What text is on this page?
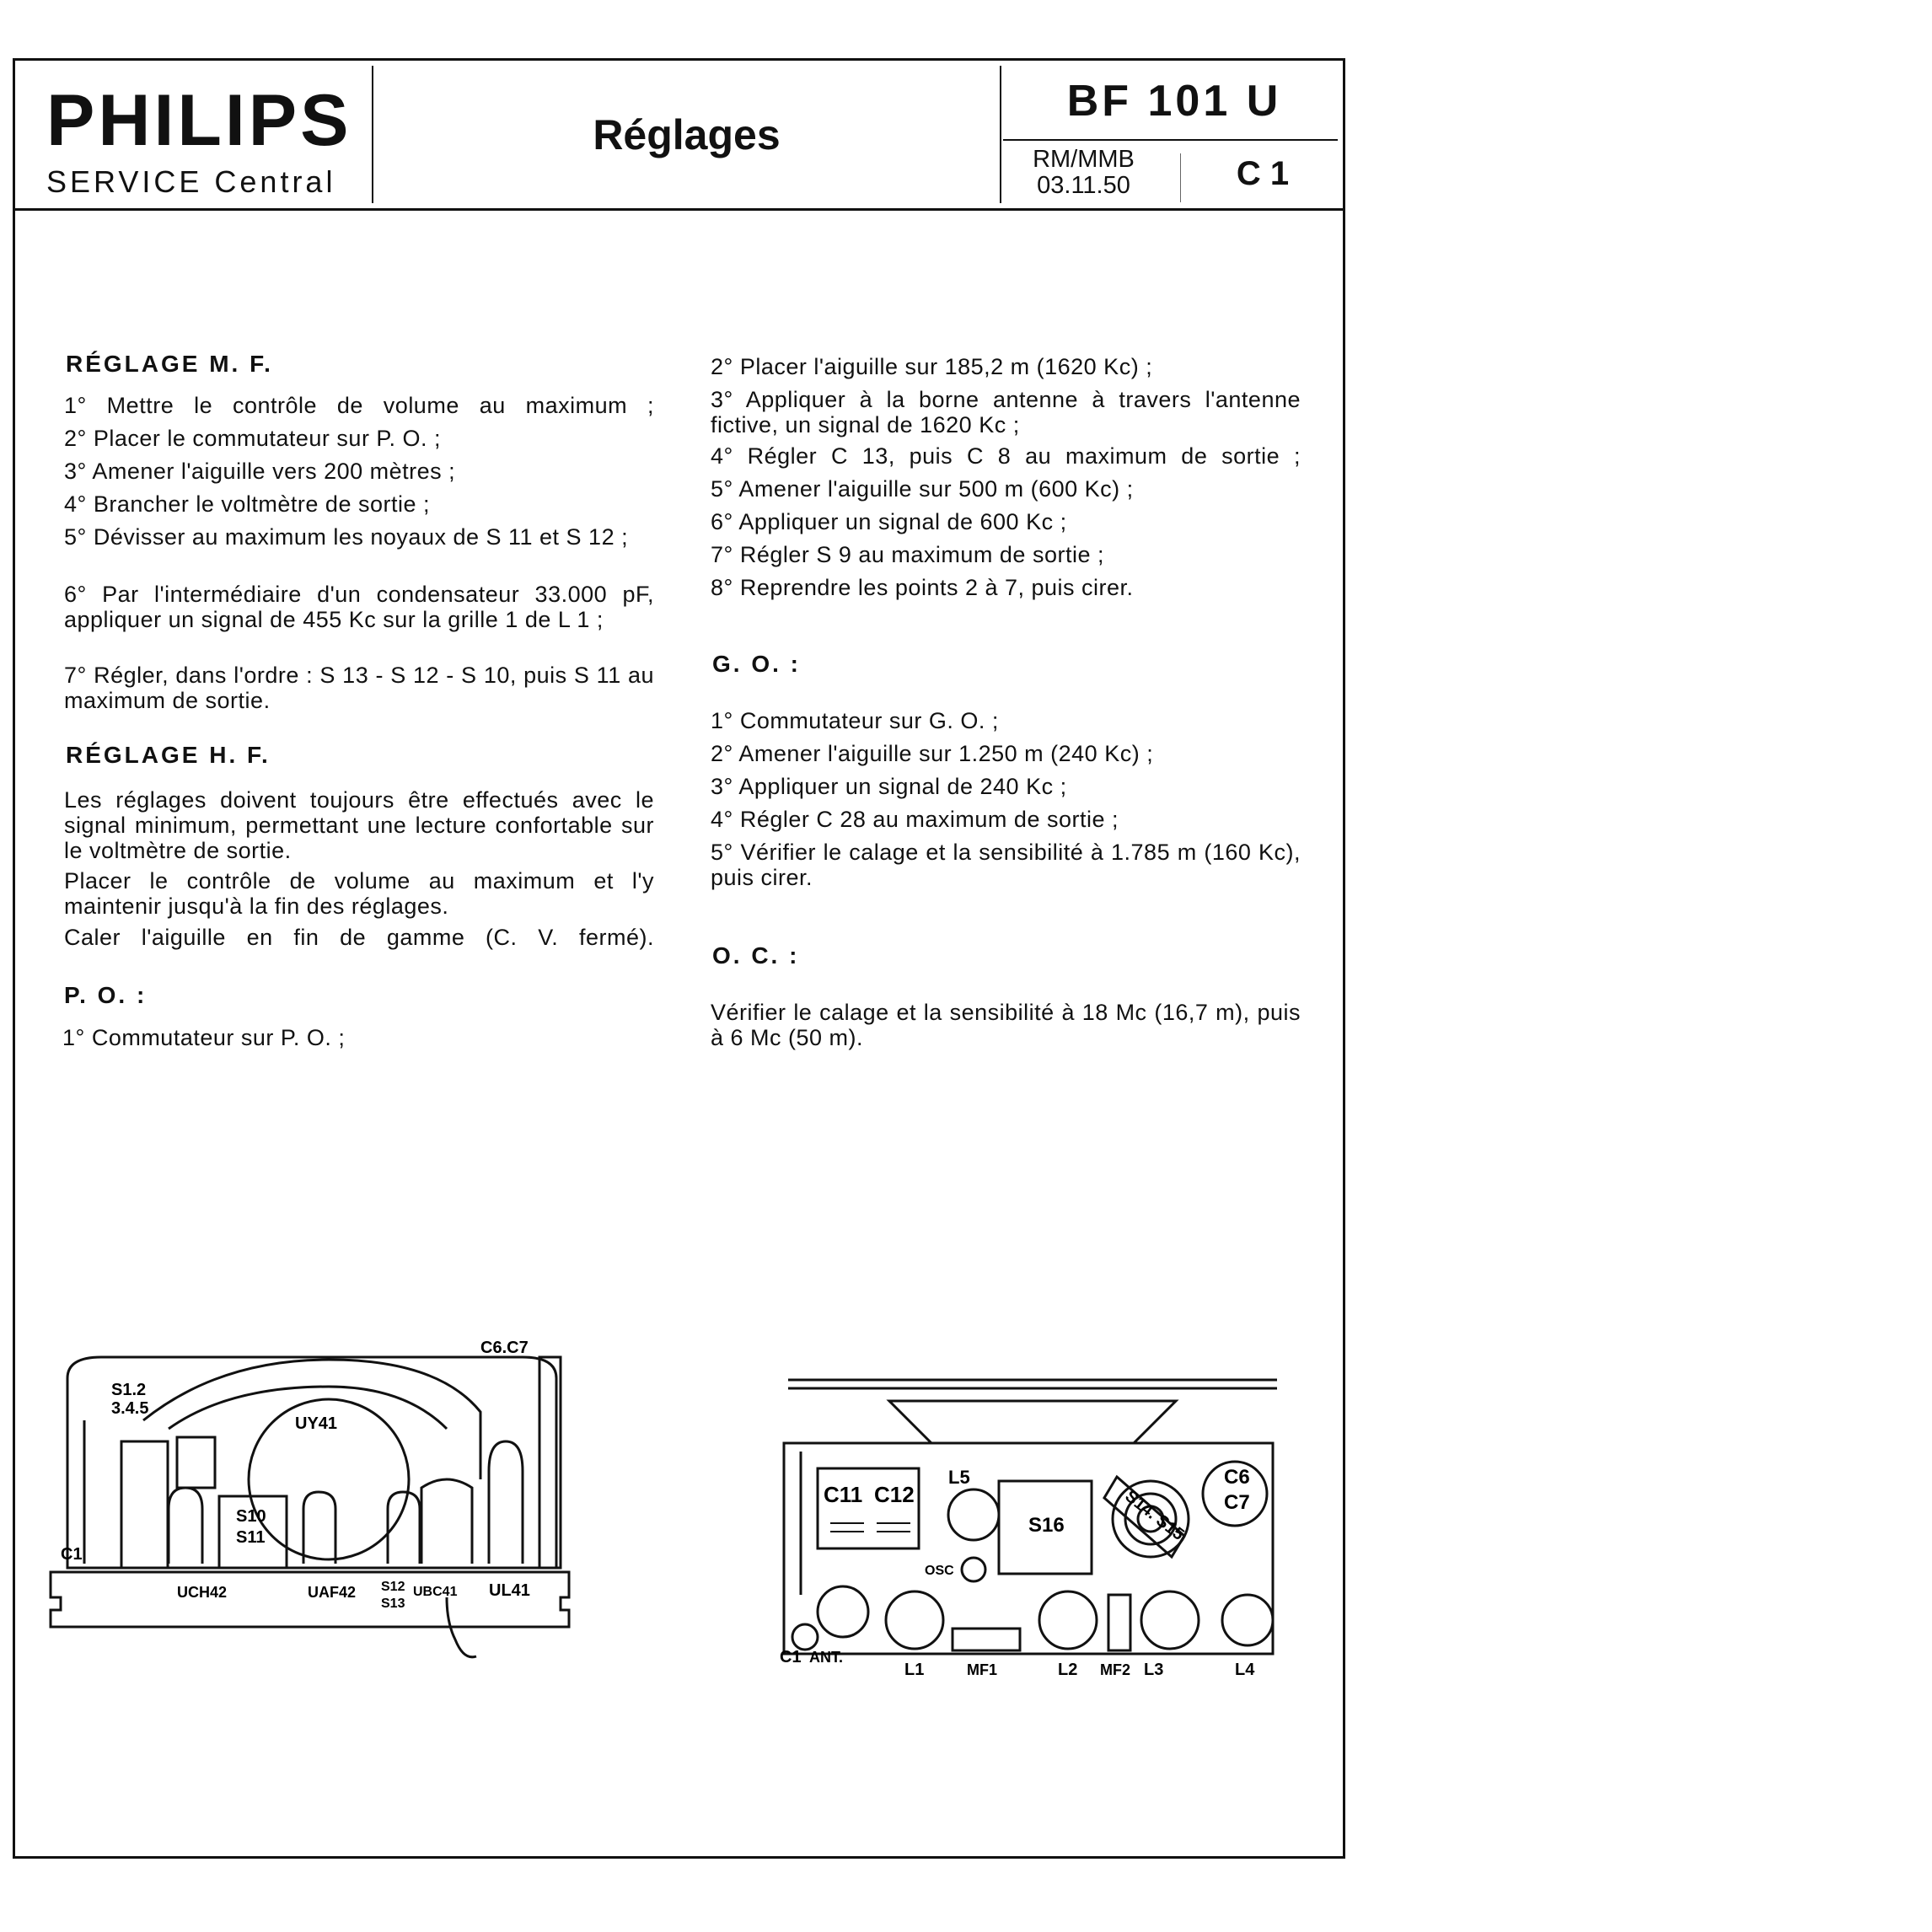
PHILIPS
SERVICE Central
Réglages
BF 101 U
RM/MMB
03.11.50	C 1
RÉGLAGE M. F.
1° Mettre le contrôle de volume au maximum ;
2° Placer le commutateur sur P. O. ;
3° Amener l'aiguille vers 200 mètres ;
4° Brancher le voltmètre de sortie ;
5° Dévisser au maximum les noyaux de S 11 et S 12 ;
6° Par l'intermédiaire d'un condensateur 33.000 pF, appliquer un signal de 455 Kc sur la grille 1 de L 1 ;
7° Régler, dans l'ordre : S 13 - S 12 - S 10, puis S 11 au maximum de sortie.
RÉGLAGE H. F.
Les réglages doivent toujours être effectués avec le signal minimum, permettant une lecture confortable sur le voltmètre de sortie.
Placer le contrôle de volume au maximum et l'y maintenir jusqu'à la fin des réglages.
Caler l'aiguille en fin de gamme (C. V. fermé).
P. O. :
1° Commutateur sur P. O. ;
2° Placer l'aiguille sur 185,2 m (1620 Kc) ;
3° Appliquer à la borne antenne à travers l'antenne fictive, un signal de 1620 Kc ;
4° Régler C 13, puis C 8 au maximum de sortie ;
5° Amener l'aiguille sur 500 m (600 Kc) ;
6° Appliquer un signal de 600 Kc ;
7° Régler S 9 au maximum de sortie ;
8° Reprendre les points 2 à 7, puis cirer.
G. O. :
1° Commutateur sur G. O. ;
2° Amener l'aiguille sur 1.250 m (240 Kc) ;
3° Appliquer un signal de 240 Kc ;
4° Régler C 28 au maximum de sortie ;
5° Vérifier le calage et la sensibilité à 1.785 m (160 Kc), puis cirer.
O. C. :
Vérifier le calage et la sensibilité à 18 Mc (16,7 m), puis à 6 Mc (50 m).
C6.C7
S1.2
3.4.5
UY41
S10
S11
C1
UCH42	UAF42 S12
S13
UBC41 UL41
C11 C12
L5
S16	S14. S15
C6
C7
OSC
C1 ANT.
L1	MF1	L2 MF2 L3	L4
